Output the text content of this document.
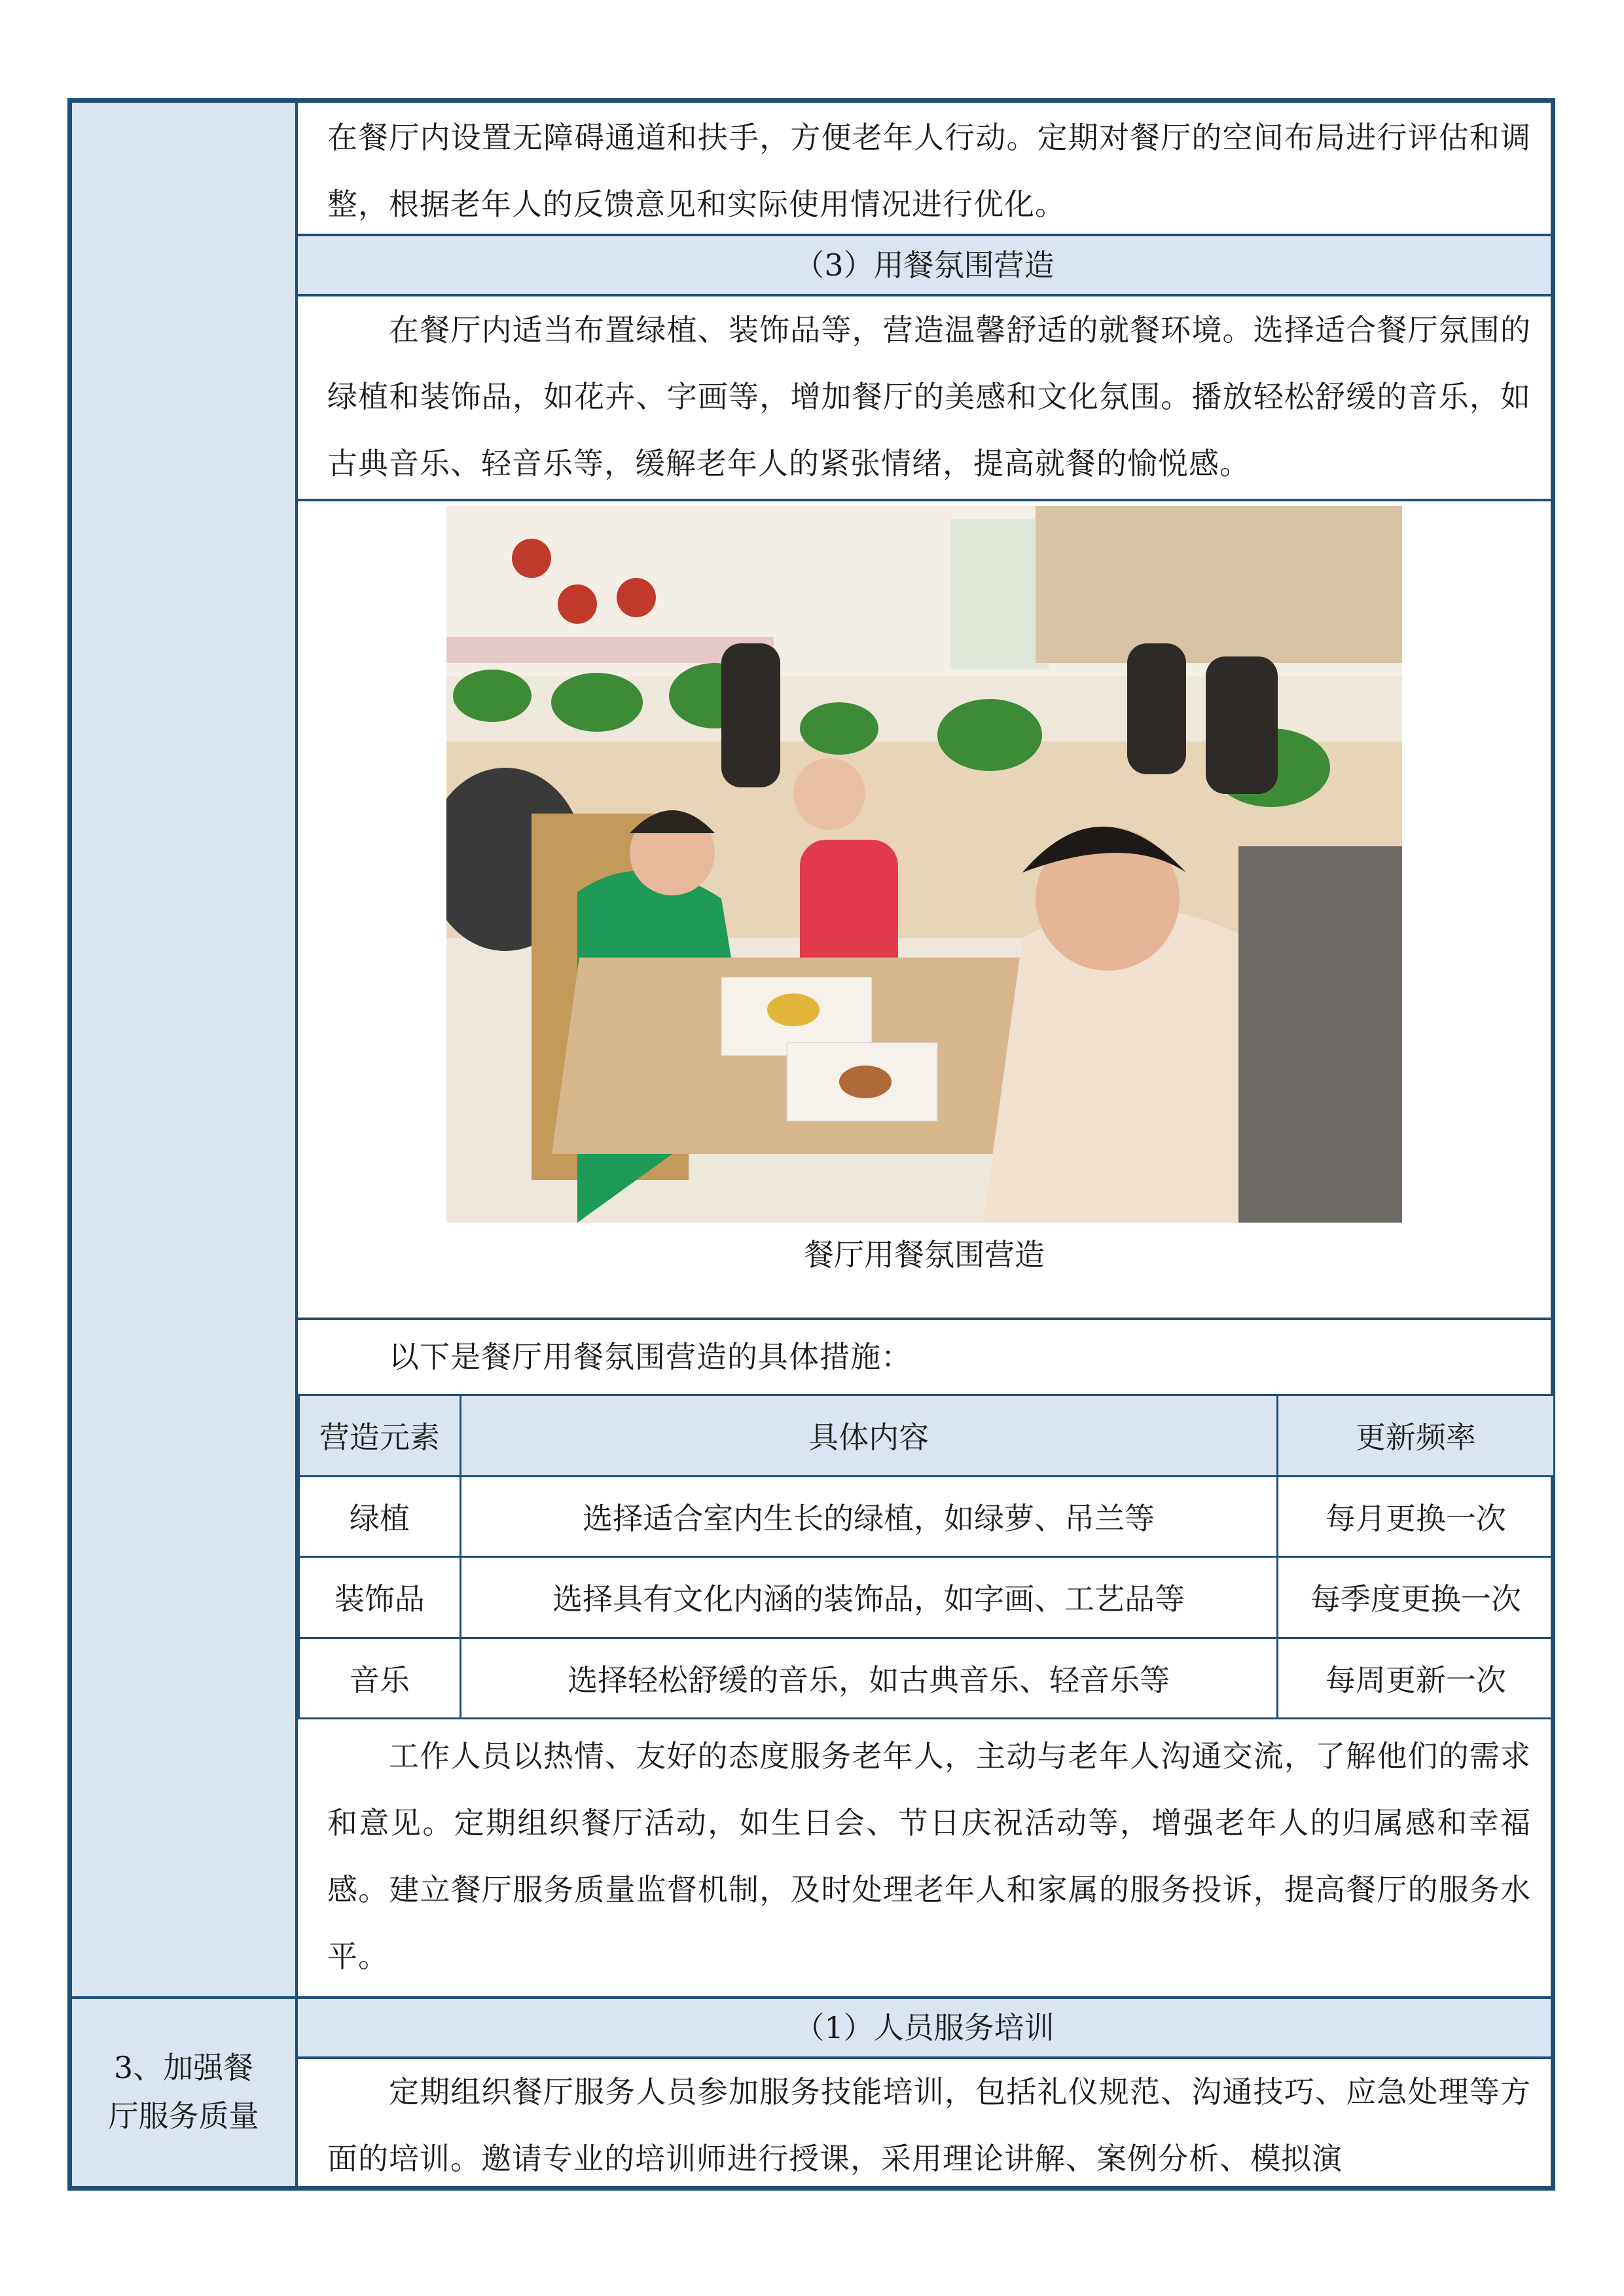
3、加强餐
厅服务质量
在餐厅内设置无障碍通道和扶手，方便老年人行动。定期对餐厅的空间布局进行评估和调整，根据老年人的反馈意见和实际使用情况进行优化。
（3）用餐氛围营造
在餐厅内适当布置绿植、装饰品等，营造温馨舒适的就餐环境。选择适合餐厅氛围的绿植和装饰品，如花卉、字画等，增加餐厅的美感和文化氛围。播放轻松舒缓的音乐，如古典音乐、轻音乐等，缓解老年人的紧张情绪，提高就餐的愉悦感。
餐厅用餐氛围营造
以下是餐厅用餐氛围营造的具体措施：
营造元素	具体内容	更新频率
绿植	选择适合室内生长的绿植，如绿萝、吊兰等	每月更换一次
装饰品	选择具有文化内涵的装饰品，如字画、工艺品等	每季度更换一次
音乐	选择轻松舒缓的音乐，如古典音乐、轻音乐等	每周更新一次
工作人员以热情、友好的态度服务老年人，主动与老年人沟通交流，了解他们的需求和意见。定期组织餐厅活动，如生日会、节日庆祝活动等，增强老年人的归属感和幸福感。建立餐厅服务质量监督机制，及时处理老年人和家属的服务投诉，提高餐厅的服务水平。
（1）人员服务培训
定期组织餐厅服务人员参加服务技能培训，包括礼仪规范、沟通技巧、应急处理等方面的培训。邀请专业的培训师进行授课，采用理论讲解、案例分析、模拟演
